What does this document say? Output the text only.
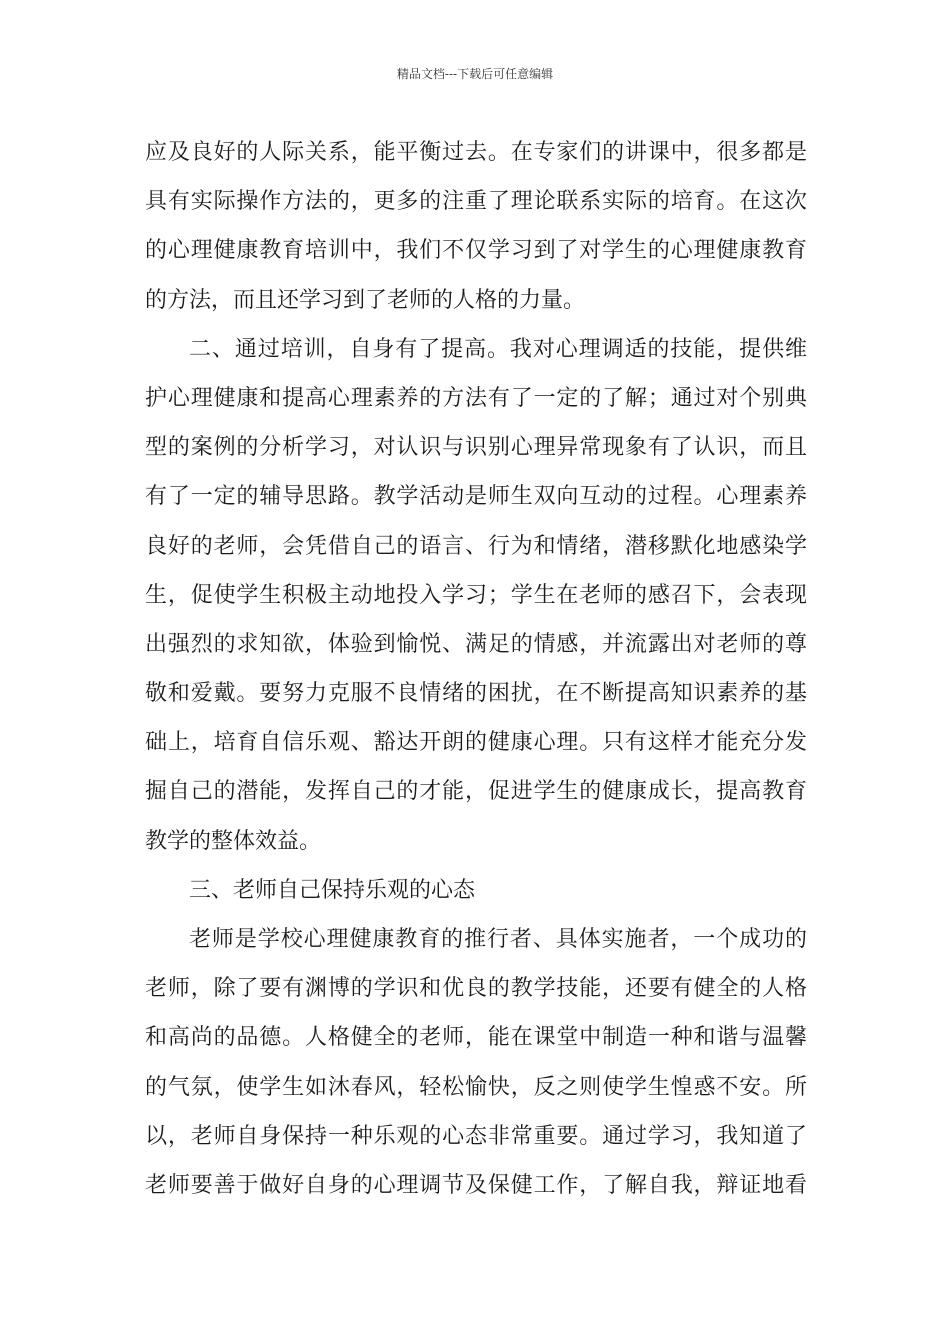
精品文档---下载后可任意编辑
应及良好的人际关系，能平衡过去。在专家们的讲课中，很多都是
具有实际操作方法的，更多的注重了理论联系实际的培育。在这次
的心理健康教育培训中，我们不仅学习到了对学生的心理健康教育
的方法，而且还学习到了老师的人格的力量。
二、通过培训，自身有了提高。我对心理调适的技能，提供维
护心理健康和提高心理素养的方法有了一定的了解；通过对个别典
型的案例的分析学习，对认识与识别心理异常现象有了认识，而且
有了一定的辅导思路。教学活动是师生双向互动的过程。心理素养
良好的老师，会凭借自己的语言、行为和情绪，潜移默化地感染学
生，促使学生积极主动地投入学习；学生在老师的感召下，会表现
出强烈的求知欲，体验到愉悦、满足的情感，并流露出对老师的尊
敬和爱戴。要努力克服不良情绪的困扰，在不断提高知识素养的基
础上，培育自信乐观、豁达开朗的健康心理。只有这样才能充分发
掘自己的潜能，发挥自己的才能，促进学生的健康成长，提高教育
教学的整体效益。
三、老师自己保持乐观的心态
老师是学校心理健康教育的推行者、具体实施者，一个成功的
老师，除了要有渊博的学识和优良的教学技能，还要有健全的人格
和高尚的品德。人格健全的老师，能在课堂中制造一种和谐与温馨
的气氛，使学生如沐春风，轻松愉快，反之则使学生惶惑不安。所
以，老师自身保持一种乐观的心态非常重要。通过学习，我知道了
老师要善于做好自身的心理调节及保健工作，了解自我，辩证地看
